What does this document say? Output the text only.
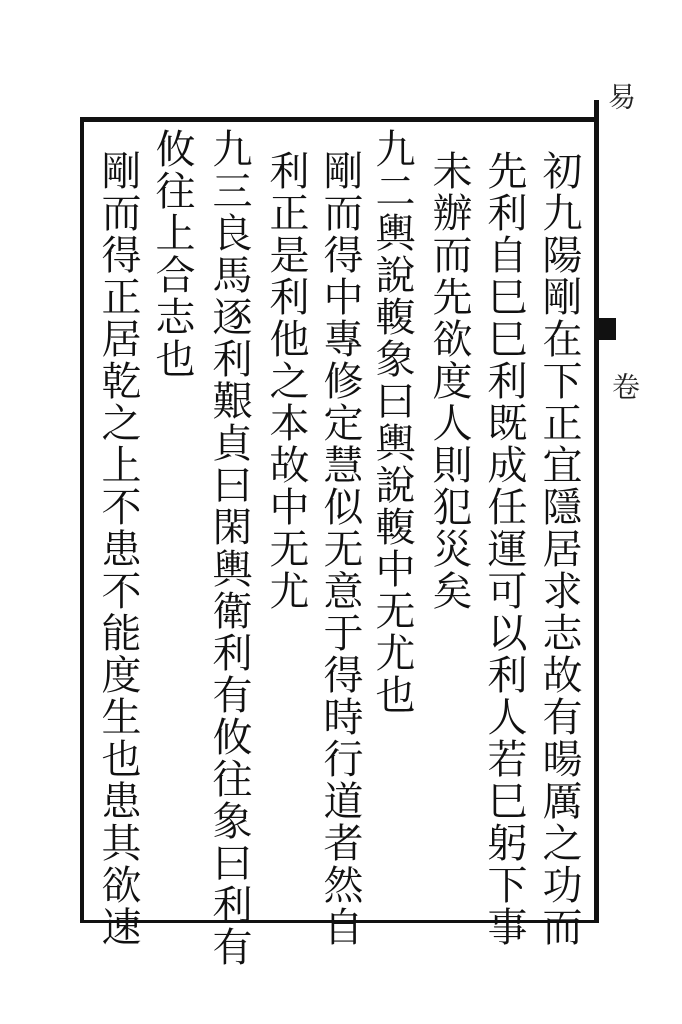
易
卷
初九陽剛在下正宜隱居求志故有暘厲之功而
先利自巳巳利既成任運可以利人若巳躬下事
未辦而先欲度人則犯災矣
九二輿說輹象曰輿說輹中无尤也
剛而得中專修定慧似无意于得時行道者然自
利正是利他之本故中无尤
九三良馬逐利艱貞曰閑輿衛利有攸往象曰利有
攸往上合志也
剛而得正居乾之上不患不能度生也患其欲速
